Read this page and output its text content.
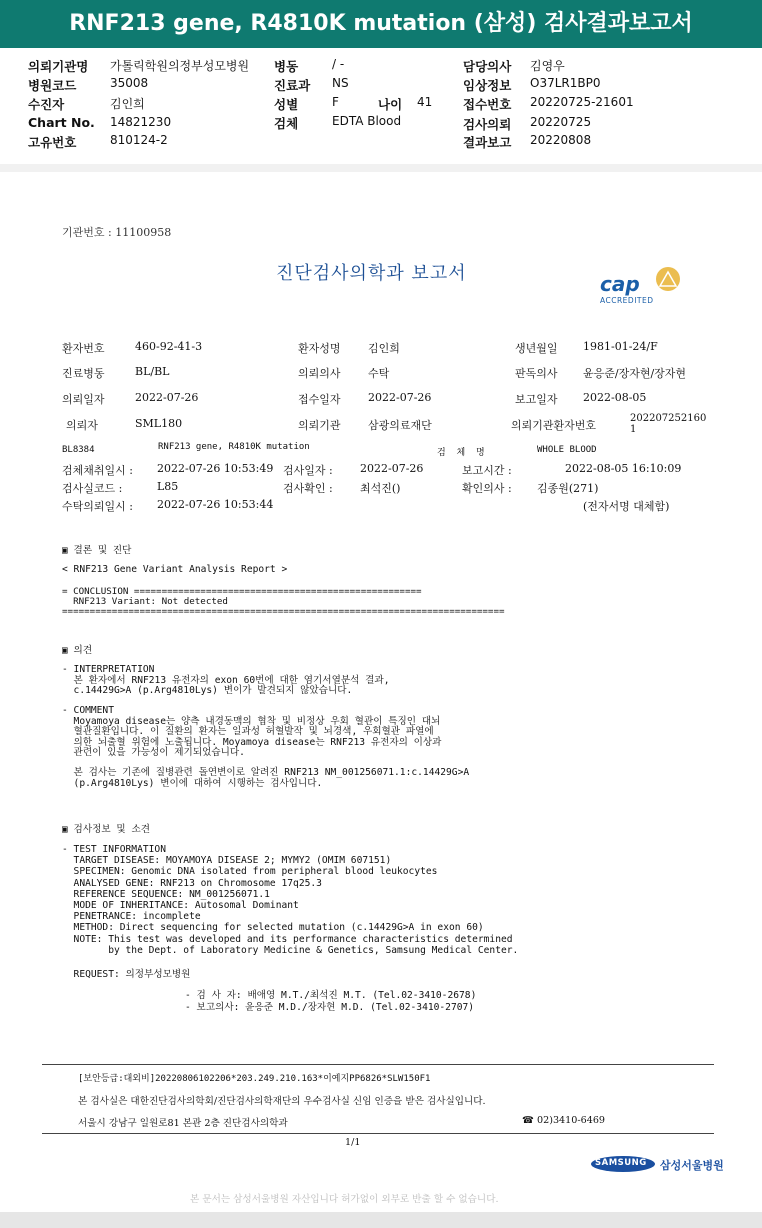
RNF213 gene, R4810K mutation (삼성) 검사결과보고서
의뢰기관명 가톨릭학원의정부성모병원
병원코드	35008
수진자	김인희
Chart No. 14821230
고유번호	810124-2
병동	/ -
진료과 NS
성별	F	나이 41
검체	EDTA Blood
담당의사 김영우
임상정보 O37LR1BP0
접수번호 20220725-21601
검사의뢰 20220725
결과보고 20220808
기관번호 : 11100958
진단검사의학과 보고서	cap
ACCREDITED
환자번호	460-92-41-3	환자성명 김인희	생년월일 1981-01-24/F
진료병동	BL/BL	의뢰의사 수탁	판독의사 윤응준/장자현/장자현
의뢰일자	2022-07-26	접수일자 2022-07-26	보고일자 2022-08-05
의뢰자	SML180	의뢰기관 삼광의료재단	의뢰기관환자번호
2022072521601
BL8384	RNF213 gene, R4810K mutation
검  체  명	WHOLE BLOOD
검체채취일시 : 2022-07-26 10:53:49 검사일자 : 2022-07-26	보고시간 :	2022-08-05 16:10:09
검사실코드 :	L85	검사확인 : 최석진()	확인의사 : 김종원(271)
수탁의뢰일시 : 2022-07-26 10:53:44	(전자서명 대체함)
▣ 결론 및 진단
< RNF213 Gene Variant Analysis Report >
= CONCLUSION ====================================================
RNF213 Variant: Not detected
================================================================================
▣ 의견
- INTERPRETATION
본 환자에서 RNF213 유전자의 exon 60번에 대한 염기서열분석 결과,
c.14429G>A (p.Arg4810Lys) 변이가 발견되지 않았습니다.
- COMMENT
Moyamoya disease는 양측 내경동맥의 협착 및 비정상 우회 혈관이 특징인 대뇌
혈관질환입니다. 이 질환의 환자는 일과성 허혈발작 및 뇌경색, 우회혈관 파열에
의한 뇌출혈 위험에 노출됩니다. Moyamoya disease는 RNF213 유전자의 이상과
관련이 있을 가능성이 제기되었습니다.
본 검사는 기존에 질병관련 돌연변이로 알려진 RNF213 NM_001256071.1:c.14429G>A
(p.Arg4810Lys) 변이에 대하여 시행하는 검사입니다.
▣ 검사정보 및 소견
- TEST INFORMATION
TARGET DISEASE: MOYAMOYA DISEASE 2; MYMY2 (OMIM 607151)
SPECIMEN: Genomic DNA isolated from peripheral blood leukocytes
ANALYSED GENE: RNF213 on Chromosome 17q25.3
REFERENCE SEQUENCE: NM_001256071.1
MODE OF INHERITANCE: Autosomal Dominant
PENETRANCE: incomplete
METHOD: Direct sequencing for selected mutation (c.14429G>A in exon 60)
NOTE: This test was developed and its performance characteristics determined
by the Dept. of Laboratory Medicine & Genetics, Samsung Medical Center.
REQUEST: 의정부성모병원
- 검 사 자: 배애영 M.T./최석진 M.T. (Tel.02-3410-2678)
- 보고의사: 윤응준 M.D./장자현 M.D. (Tel.02-3410-2707)
[보안등급:대외비]20220806102206*203.249.210.163*이예지PP6826*SLW150F1
본 검사실은 대한진단검사의학회/진단검사의학재단의 우수검사실 신임 인증을 받은 검사실입니다.
서울시 강남구 일원로81 본관 2층 진단검사의학과	☎ 02)3410-6469
1/1
SAMSUNG 삼성서울병원
본 문서는 삼성서울병원 자산입니다 허가없이 외부로 반출 할 수 없습니다.
